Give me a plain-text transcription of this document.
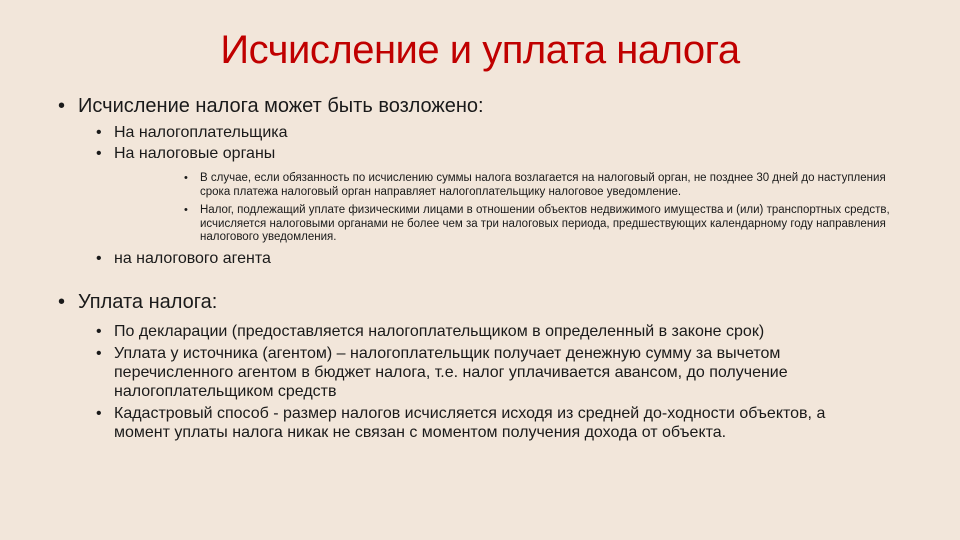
Исчисление и уплата налога
• Исчисление налога может быть возложено:
• На налогоплательщика
• На налоговые органы
• В случае, если обязанность по исчислению суммы налога возлагается на налоговый орган, не позднее 30 дней до наступления срока платежа налоговый орган направляет налогоплательщику налоговое уведомление.
• Налог, подлежащий уплате физическими лицами в отношении объектов недвижимого имущества и (или) транспортных средств, исчисляется налоговыми органами не более чем за три налоговых периода, предшествующих календарному году направления налогового уведомления.
• на налогового агента
• Уплата налога:
• По декларации (предоставляется налогоплательщиком в определенный в законе срок)
• Уплата у источника (агентом) – налогоплательщик получает денежную сумму за вычетом перечисленного агентом в бюджет налога, т.е. налог уплачивается авансом, до получение налогоплательщиком средств
• Кадастровый способ - размер налогов исчисляется исходя из средней до-ходности объектов, а момент уплаты налога никак не связан с моментом получения дохода от объекта.
